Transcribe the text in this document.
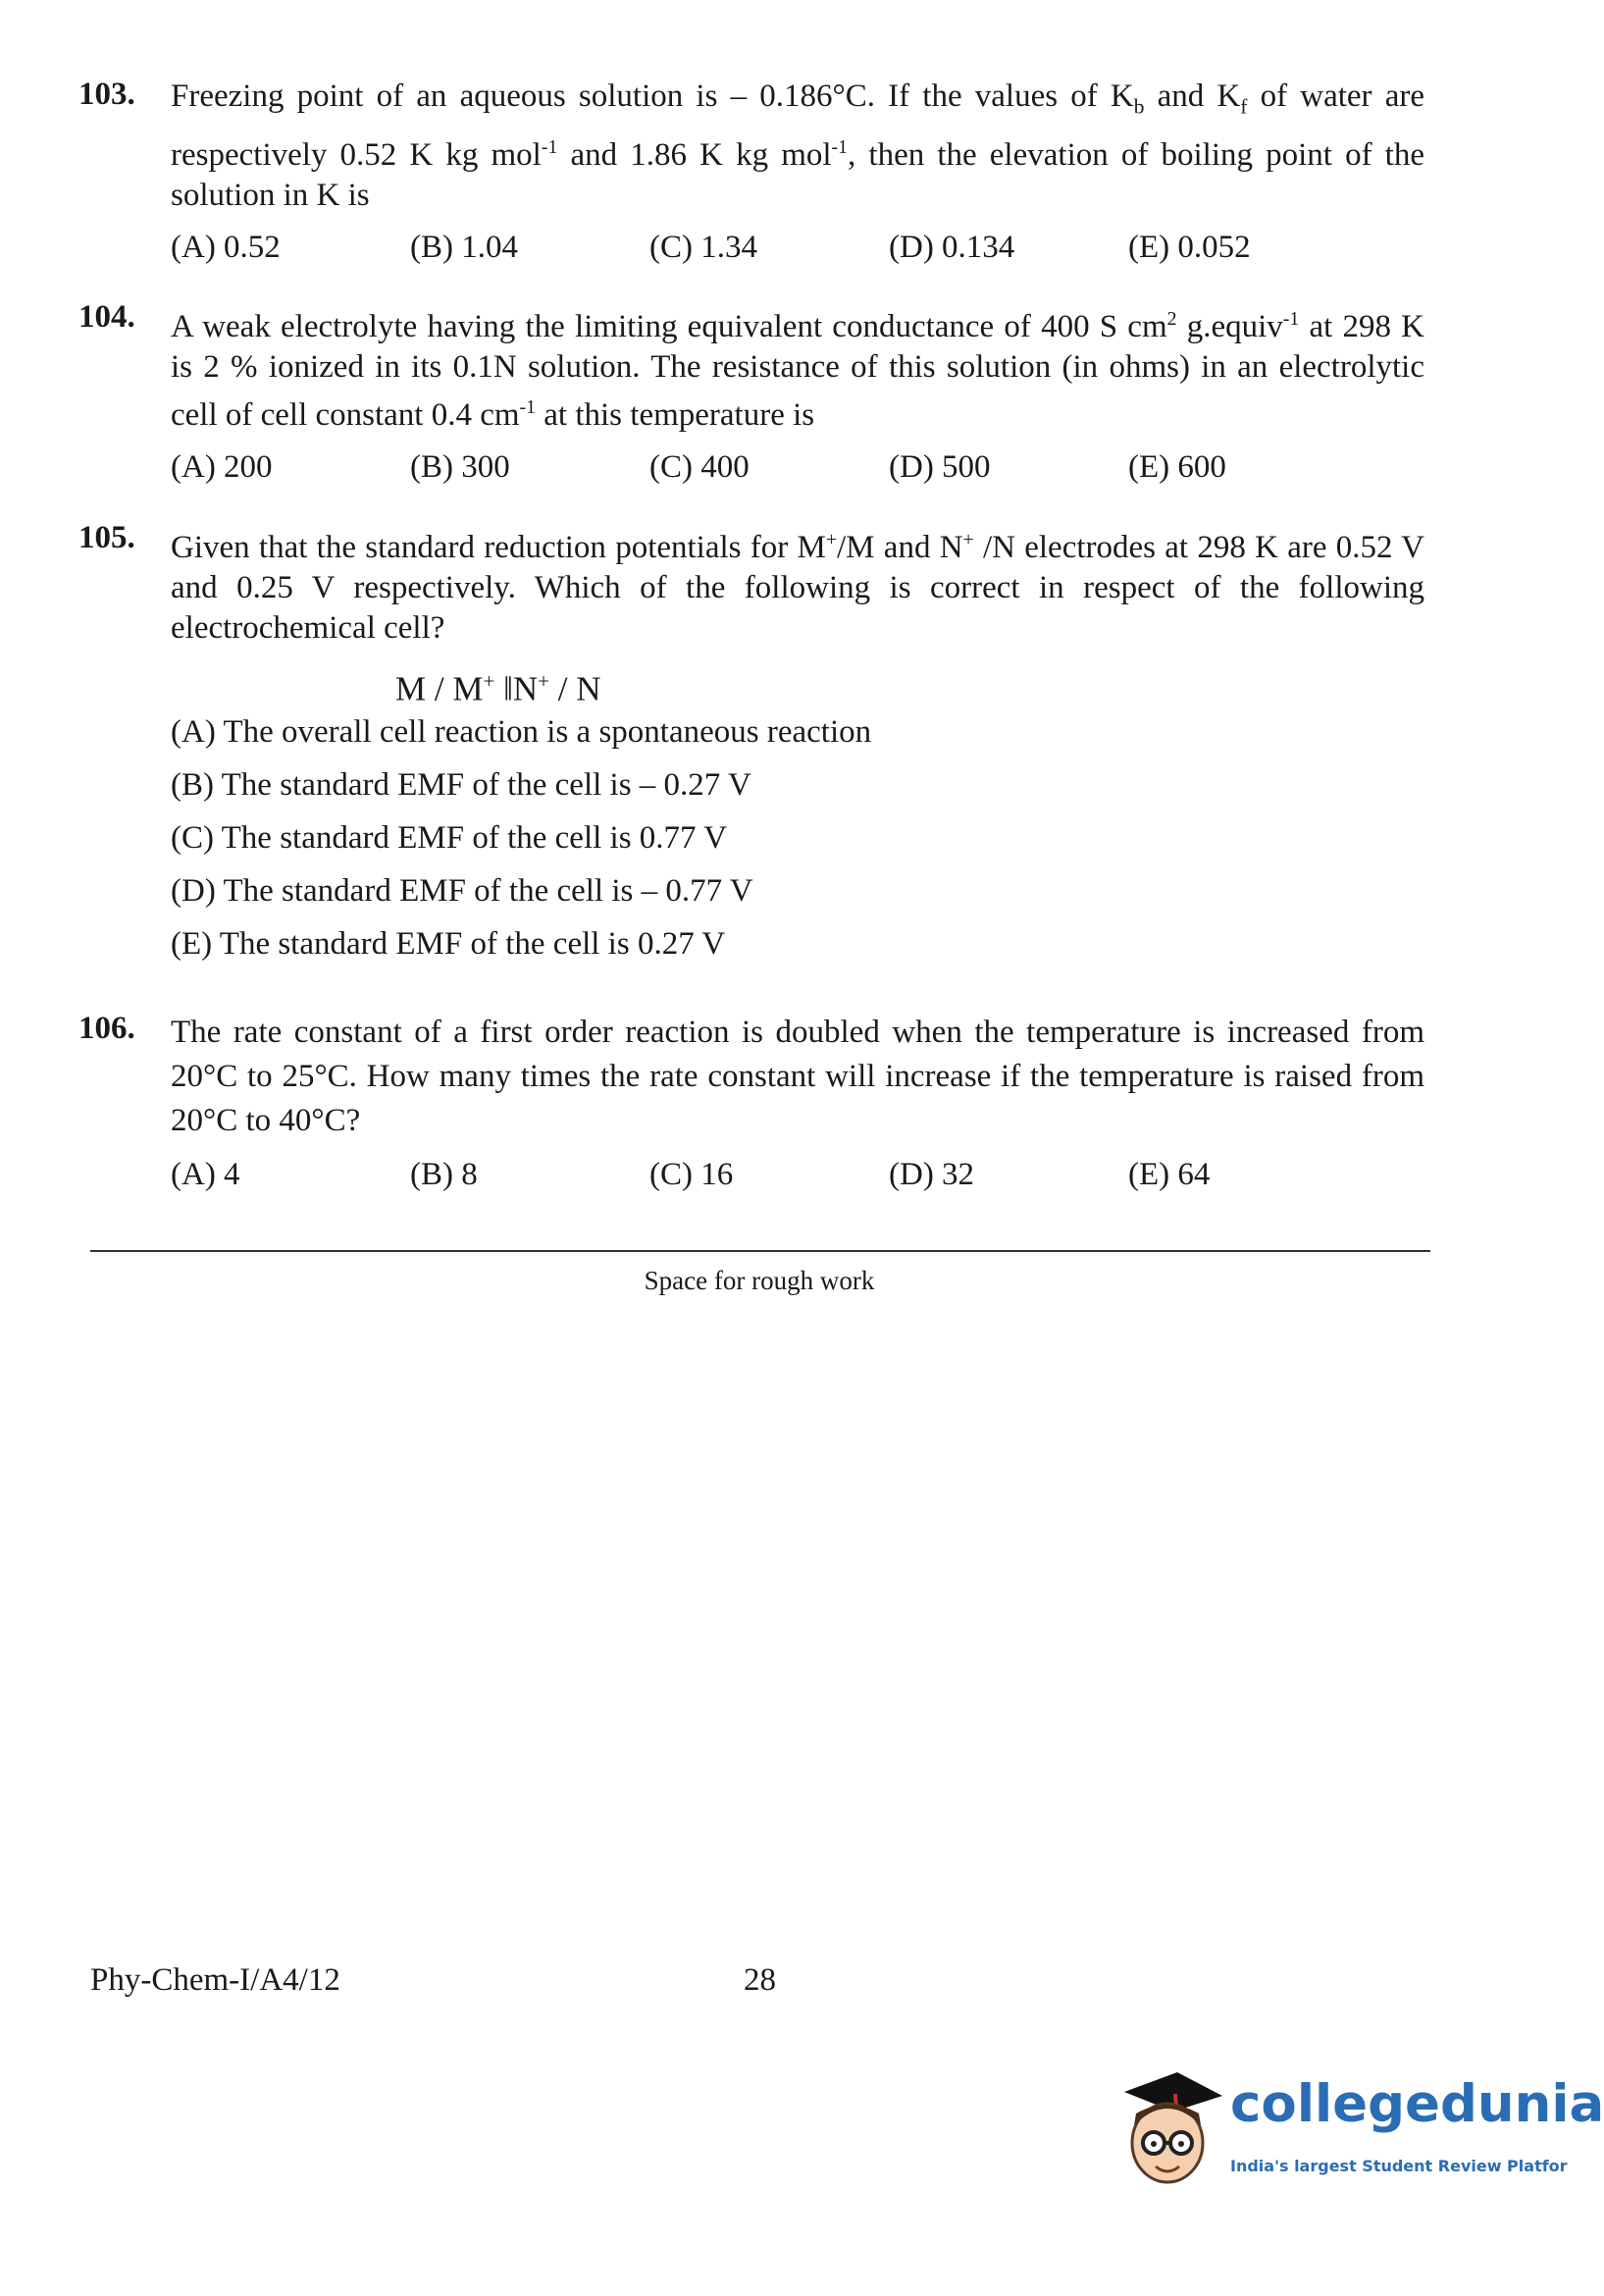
103. Freezing point of an aqueous solution is – 0.186°C. If the values of $K_b$ and $K_f$ of water are respectively 0.52 K kg mol$^{-1}$ and 1.86 K kg mol$^{-1}$, then the elevation of boiling point of the solution in K is
(A) 0.52	(B) 1.04	(C) 1.34	(D) 0.134	(E) 0.052
104. A weak electrolyte having the limiting equivalent conductance of 400 S $cm^2$ g.equiv$^{-1}$ at 298 K is 2 % ionized in its 0.1N solution. The resistance of this solution (in ohms) in an electrolytic cell of cell constant 0.4 $cm^{-1}$ at this temperature is
(A) 200	(B) 300	(C) 400	(D) 500	(E) 600
105. Given that the standard reduction potentials for M+/M and N+ /N electrodes at 298 K are 0.52 V and 0.25 V respectively. Which of the following is correct in respect of the following electrochemical cell?
M / M+ ‖N+ / N
(A) The overall cell reaction is a spontaneous reaction
(B) The standard EMF of the cell is – 0.27 V
(C) The standard EMF of the cell is 0.77 V
(D) The standard EMF of the cell is – 0.77 V
(E) The standard EMF of the cell is 0.27 V
106. The rate constant of a first order reaction is doubled when the temperature is increased from 20°C to 25°C. How many times the rate constant will increase if the temperature is raised from 20°C to 40°C?
(A) 4	(B) 8	(C) 16	(D) 32	(E) 64
Space for rough work
Phy-Chem-I/A4/12	28
collegedunia
India's largest Student Review Platfor
